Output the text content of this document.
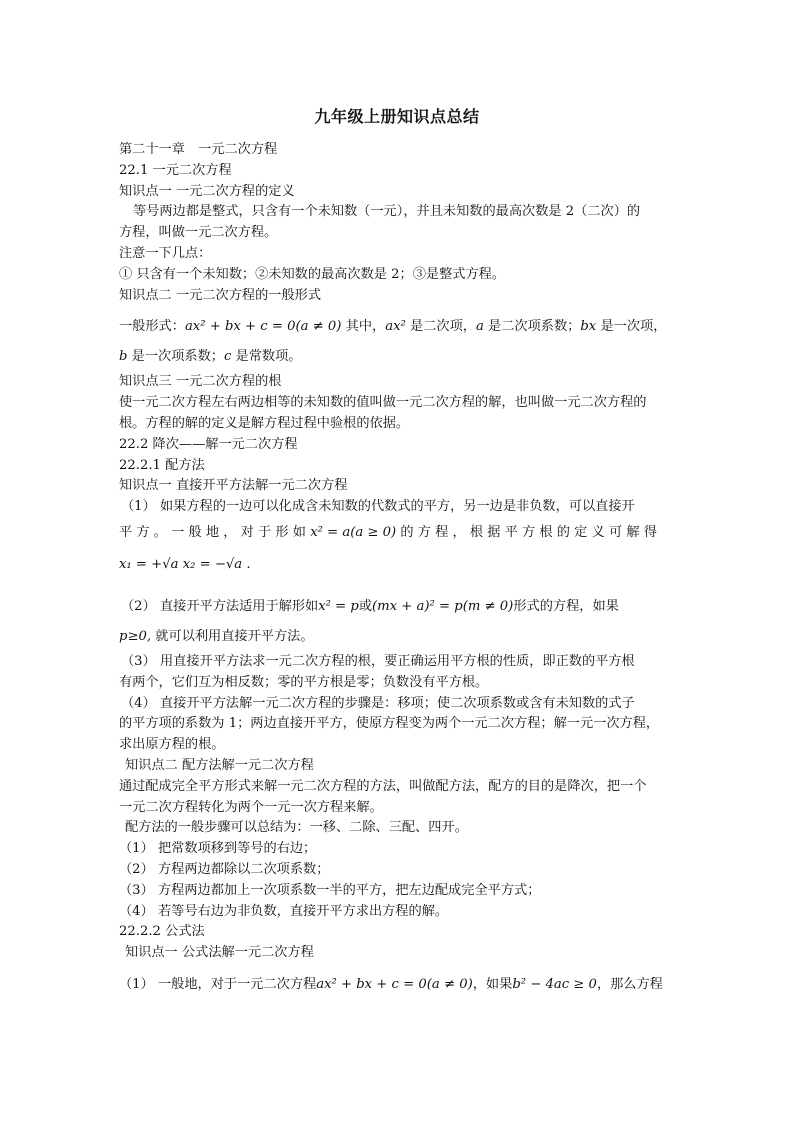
九年级上册知识点总结
第二十一章　一元二次方程
22.1 一元二次方程
知识点一 一元二次方程的定义
等号两边都是整式，只含有一个未知数（一元），并且未知数的最高次数是 2（二次）的
方程，叫做一元二次方程。
注意一下几点：
① 只含有一个未知数；②未知数的最高次数是 2；③是整式方程。
知识点二 一元二次方程的一般形式
一般形式：ax² + bx + c = 0(a ≠ 0) 其中，ax² 是二次项，a 是二次项系数；bx 是一次项，
b 是一次项系数；c 是常数项。
知识点三 一元二次方程的根
使一元二次方程左右两边相等的未知数的值叫做一元二次方程的解，也叫做一元二次方程的
根。方程的解的定义是解方程过程中验根的依据。
22.2 降次——解一元二次方程
22.2.1 配方法
知识点一 直接开平方法解一元二次方程
（1） 如果方程的一边可以化成含未知数的代数式的平方，另一边是非负数，可以直接开
平 方 。 一 般 地 ， 对 于 形 如 x² = a(a ≥ 0) 的 方 程 ， 根 据 平 方 根 的 定 义 可 解 得
x₁ = +√a x₂ = −√a .
（2） 直接开平方法适用于解形如x² = p或(mx + a)² = p(m ≠ 0)形式的方程，如果
p≥0, 就可以利用直接开平方法。
（3） 用直接开平方法求一元二次方程的根，要正确运用平方根的性质，即正数的平方根
有两个，它们互为相反数；零的平方根是零；负数没有平方根。
（4） 直接开平方法解一元二次方程的步骤是：移项；使二次项系数或含有未知数的式子
的平方项的系数为 1；两边直接开平方，使原方程变为两个一元二次方程；解一元一次方程，
求出原方程的根。
知识点二 配方法解一元二次方程
通过配成完全平方形式来解一元二次方程的方法，叫做配方法，配方的目的是降次，把一个
一元二次方程转化为两个一元一次方程来解。
配方法的一般步骤可以总结为：一移、二除、三配、四开。
（1） 把常数项移到等号的右边；
（2） 方程两边都除以二次项系数；
（3） 方程两边都加上一次项系数一半的平方，把左边配成完全平方式；
（4） 若等号右边为非负数，直接开平方求出方程的解。
22.2.2 公式法
知识点一 公式法解一元二次方程
（1） 一般地，对于一元二次方程ax² + bx + c = 0(a ≠ 0)，如果b² − 4ac ≥ 0，那么方程
